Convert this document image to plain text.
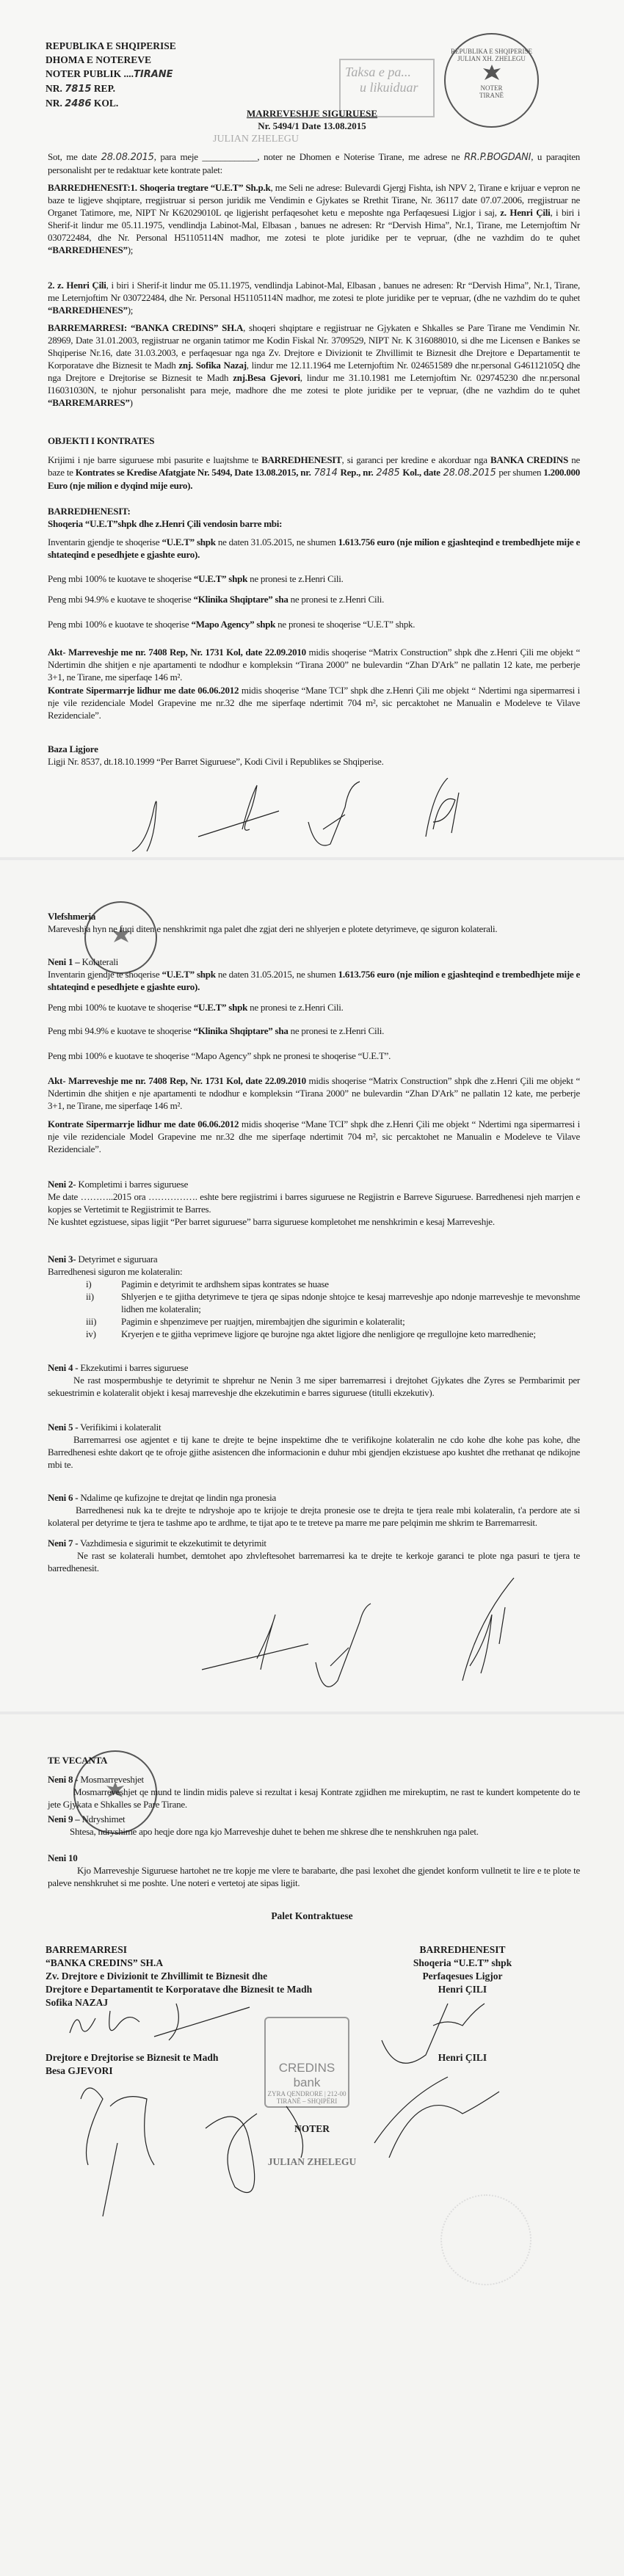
Taksa e pa...
u likuiduar
REPUBLIKA E SHQIPERISE
JULIAN XH. ZHELEGU
NOTER
TIRANË
REPUBLIKA E SHQIPERISE
DHOMA E NOTEREVE
NOTER PUBLIK ....TIRANE
NR. 7815 REP.
NR. 2486 KOL.
MARREVESHJE SIGURUESE
Nr. 5494/1 Date 13.08.2015
JULIAN ZHELEGU
Sot, me date 28.08.2015, para meje ____________, noter ne Dhomen e Noterise Tirane, me adrese ne RR.P.BOGDANI, u paraqiten personalisht per te redaktuar kete kontrate palet:
BARREDHENESIT:1. Shoqeria tregtare “U.E.T” Sh.p.k, me Seli ne adrese: Bulevardi Gjergj Fishta, ish NPV 2, Tirane e krijuar e vepron ne baze te ligjeve shqiptare, rregjistruar si person juridik me Vendimin e Gjykates se Rrethit Tirane, Nr. 36117 date 07.07.2006, rregjistruar ne Organet Tatimore, me, NIPT Nr K62029010L qe ligjerisht perfaqesohet ketu e meposhte nga Perfaqesuesi Ligjor i saj, z. Henri Çili, i biri i Sherif-it lindur me 05.11.1975, vendlindja Labinot-Mal, Elbasan , banues ne adresen: Rr “Dervish Hima”, Nr.1, Tirane, me Leternjoftim Nr 030722484, dhe Nr. Personal H51105114N madhor, me zotesi te plote juridike per te vepruar, (dhe ne vazhdim do te quhet “BARREDHENES”);
2. z. Henri Çili, i biri i Sherif-it lindur me 05.11.1975, vendlindja Labinot-Mal, Elbasan , banues ne adresen: Rr “Dervish Hima”, Nr.1, Tirane, me Leternjoftim Nr 030722484, dhe Nr. Personal H51105114N madhor, me zotesi te plote juridike per te vepruar, (dhe ne vazhdim do te quhet “BARREDHENES”);
BARREMARRESI: “BANKA CREDINS” SH.A, shoqeri shqiptare e regjistruar ne Gjykaten e Shkalles se Pare Tirane me Vendimin Nr. 28969, Date 31.01.2003, regjistruar ne organin tatimor me Kodin Fiskal Nr. 3709529, NIPT Nr. K 316088010, si dhe me Licensen e Bankes se Shqiperise Nr.16, date 31.03.2003, e perfaqesuar nga nga Zv. Drejtore e Divizionit te Zhvillimit te Biznesit dhe Drejtore e Departamentit te Korporatave dhe Biznesit te Madh znj. Sofika Nazaj, lindur me 12.11.1964 me Leternjoftim Nr. 024651589 dhe nr.personal G46112105Q dhe nga Drejtore e Drejtorise se Biznesit te Madh znj.Besa Gjevori, lindur me 31.10.1981 me Leternjoftim Nr. 029745230 dhe nr.personal I16031030N, te njohur personalisht para meje, madhore dhe me zotesi te plote juridike per te vepruar, (dhe ne vazhdim do te quhet “BARREMARRES”)
OBJEKTI I KONTRATES
Krijimi i nje barre siguruese mbi pasurite e luajtshme te BARREDHENESIT, si garanci per kredine e akorduar nga BANKA CREDINS ne baze te Kontrates se Kredise Afatgjate Nr. 5494, Date 13.08.2015, nr. 7814 Rep., nr. 2485 Kol., date 28.08.2015 per shumen 1.200.000 Euro (nje milion e dyqind mije euro).
BARREDHENESIT:
Shoqeria “U.E.T”shpk dhe z.Henri Çili vendosin barre mbi:
Inventarin gjendje te shoqerise “U.E.T” shpk ne daten 31.05.2015, ne shumen 1.613.756 euro (nje milion e gjashteqind e trembedhjete mije e shtateqind e pesedhjete e gjashte euro).
Peng mbi 100% te kuotave te shoqerise “U.E.T” shpk ne pronesi te z.Henri Cili.
Peng mbi 94.9% e kuotave te shoqerise “Klinika Shqiptare” sha ne pronesi te z.Henri Cili.
Peng mbi 100% e kuotave te shoqerise “Mapo Agency” shpk ne pronesi te shoqerise “U.E.T” shpk.
Akt- Marreveshje me nr. 7408 Rep, Nr. 1731 Kol, date 22.09.2010 midis shoqerise “Matrix Construction” shpk dhe z.Henri Çili me objekt “ Ndertimin dhe shitjen e nje apartamenti te ndodhur e kompleksin “Tirana 2000” ne bulevardin “Zhan D'Ark” ne pallatin 12 kate, me perberje 3+1, ne Tirane, me siperfaqe 146 m².
Kontrate Sipermarrje lidhur me date 06.06.2012 midis shoqerise “Mane TCI” shpk dhe z.Henri Çili me objekt “ Ndertimi nga sipermarresi i nje vile rezidenciale Model Grapevine me nr.32 dhe me siperfaqe ndertimit 704 m², sic percaktohet ne Manualin e Modeleve te Vilave Rezidenciale”.
Baza Ligjore
Ligji Nr. 8537, dt.18.10.1999 “Per Barret Siguruese”, Kodi Civil i Republikes se Shqiperise.
Vlefshmeria
Mareveshja hyn ne fuqi diten e nenshkrimit nga palet dhe zgjat deri ne shlyerjen e plotete detyrimeve, qe siguron kolaterali.
Neni 1 – Kolaterali
Inventarin gjendje te shoqerise “U.E.T” shpk ne daten 31.05.2015, ne shumen 1.613.756 euro (nje milion e gjashteqind e trembedhjete mije e shtateqind e pesedhjete e gjashte euro).
Peng mbi 100% te kuotave te shoqerise “U.E.T” shpk ne pronesi te z.Henri Cili.
Peng mbi 94.9% e kuotave te shoqerise “Klinika Shqiptare” sha ne pronesi te z.Henri Cili.
Peng mbi 100% e kuotave te shoqerise “Mapo Agency” shpk ne pronesi te shoqerise “U.E.T”.
Akt- Marreveshje me nr. 7408 Rep, Nr. 1731 Kol, date 22.09.2010 midis shoqerise “Matrix Construction” shpk dhe z.Henri Çili me objekt “ Ndertimin dhe shitjen e nje apartamenti te ndodhur e kompleksin “Tirana 2000” ne bulevardin “Zhan D'Ark” ne pallatin 12 kate, me perberje 3+1, ne Tirane, me siperfaqe 146 m².
Kontrate Sipermarrje lidhur me date 06.06.2012 midis shoqerise “Mane TCI” shpk dhe z.Henri Çili me objekt “ Ndertimi nga sipermarresi i nje vile rezidenciale Model Grapevine me nr.32 dhe me siperfaqe ndertimit 704 m², sic percaktohet ne Manualin e Modeleve te Vilave Rezidenciale”.
Neni 2- Kompletimi i barres siguruese
Me date ………..2015 ora ……………. eshte bere regjistrimi i barres siguruese ne Regjistrin e Barreve Siguruese. Barredhenesi njeh marrjen e kopjes se Vertetimit te Regjistrimit te Barres.
Ne kushtet egzistuese, sipas ligjit “Per barret siguruese” barra siguruese kompletohet me nenshkrimin e kesaj Marreveshje.
Neni 3- Detyrimet e siguruara
Barredhenesi siguron me kolateralin:
i)	Pagimin e detyrimit te ardhshem sipas kontrates se huase
ii)	Shlyerjen e te gjitha detyrimeve te tjera qe sipas ndonje shtojce te kesaj marreveshje apo ndonje marreveshje te mevonshme lidhen me kolateralin;
iii)	Pagimin e shpenzimeve per ruajtjen, mirembajtjen dhe sigurimin e kolateralit;
iv)	Kryerjen e te gjitha veprimeve ligjore qe burojne nga aktet ligjore dhe nenligjore qe rregullojne keto marredhenie;
Neni 4 - Ekzekutimi i barres siguruese
Ne rast mospermbushje te detyrimit te shprehur ne Nenin 3 me siper barremarresi i drejtohet Gjykates dhe Zyres se Permbarimit per sekuestrimin e kolateralit objekt i kesaj marreveshje dhe ekzekutimin e barres siguruese (titulli ekzekutiv).
Neni 5 - Verifikimi i kolateralit
Barremarresi ose agjentet e tij kane te drejte te bejne inspektime dhe te verifikojne kolateralin ne cdo kohe dhe kohe pas kohe, dhe Barredhenesi eshte dakort qe te ofroje gjithe asistencen dhe informacionin e duhur mbi gjendjen ekzistuese apo kushtet dhe rrethanat qe ndikojne mbi te.
Neni 6 - Ndalime qe kufizojne te drejtat qe lindin nga pronesia
Barredhenesi nuk ka te drejte te ndryshoje apo te krijoje te drejta pronesie ose te drejta te tjera reale mbi kolateralin, t'a perdore ate si kolateral per detyrime te tjera te tashme apo te ardhme, te tijat apo te te treteve pa marre me pare pelqimin me shkrim te Barremarresit.
Neni 7 - Vazhdimesia e sigurimit te ekzekutimit te detyrimit
Ne rast se kolaterali humbet, demtohet apo zhvleftesohet barremarresi ka te drejte te kerkoje garanci te plote nga pasuri te tjera te barredhenesit.
TE VECANTA
Neni 8 - Mosmarreveshjet
Mosmarreveshjet qe mund te lindin midis paleve si rezultat i kesaj Kontrate zgjidhen me mirekuptim, ne rast te kundert kompetente do te jete Gjykata e Shkalles se Pare Tirane.
Neni 9 – Ndryshimet
Shtesa, ndryshime apo heqje dore nga kjo Marreveshje duhet te behen me shkrese dhe te nenshkruhen nga palet.
Neni 10
Kjo Marreveshje Siguruese hartohet ne tre kopje me vlere te barabarte, dhe pasi lexohet dhe gjendet konform vullnetit te lire e te plote te paleve nenshkruhet si me poshte. Une noteri e vertetoj ate sipas ligjit.
Palet Kontraktuese
BARREMARRESI
“BANKA CREDINS” SH.A
Zv. Drejtore e Divizionit te Zhvillimit te Biznesit dhe
Drejtore e Departamentit te Korporatave dhe Biznesit te Madh
Sofika NAZAJ
Drejtore e Drejtorise se Biznesit te Madh
Besa GJEVORI
BARREDHENESIT
Shoqeria “U.E.T” shpk
Perfaqesues Ligjor
Henri ÇILI
Henri ÇILI
CREDINS bank
ZYRA QENDRORE | 212-00
TIRANË – SHQIPËRI
NOTER
JULIAN ZHELEGU
